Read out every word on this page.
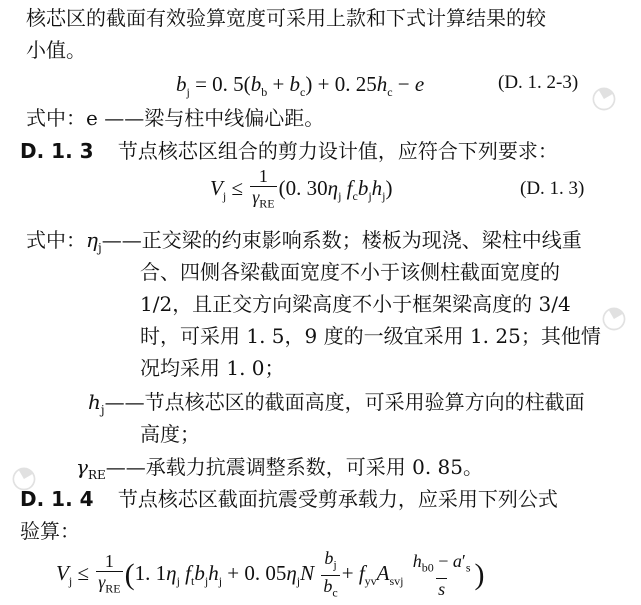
◔
◔
◔
核芯区的截面有效验算宽度可采用上款和下式计算结果的较
小值。
$b_j = 0$. $5(b_b + b_c) + 0$. $25h_c - e$	(D. 1. 2-3)
式中：e ——梁与柱中线偏心距。
D. 1. 3 节点核芯区组合的剪力设计值，应符合下列要求：
$V_j \le \frac{1}{\gamma_{RE}} (0$. $30\eta_j$ $f_cb_jh_j$)	(D. 1. 3)
式中：$\eta_j——$正交梁的约束影响系数；楼板为现浇、梁柱中线重
合、四侧各梁截面宽度不小于该侧柱截面宽度的
1/2，且正交方向梁高度不小于框架梁高度的 3/4
时，可采用 1. 5，9 度的一级宜采用 1. 25；其他情
况均采用 1. 0；
$h_j——$节点核芯区的截面高度，可采用验算方向的柱截面
高度；
$\gamma_{RE}——$承载力抗震调整系数，可采用 0. 85。
D. 1. 4 节点核芯区截面抗震受剪承载力，应采用下列公式
验算：
$V_j \le \frac{1}{\gamma_{RE}} (1$. $1\eta_j$ $f_tb_jh_j + 0$. $05\eta_jN \frac{b_j}{b_c} + f_{yv}A_{svj} \frac{h_{b0} - a'_s}{s}$ )
